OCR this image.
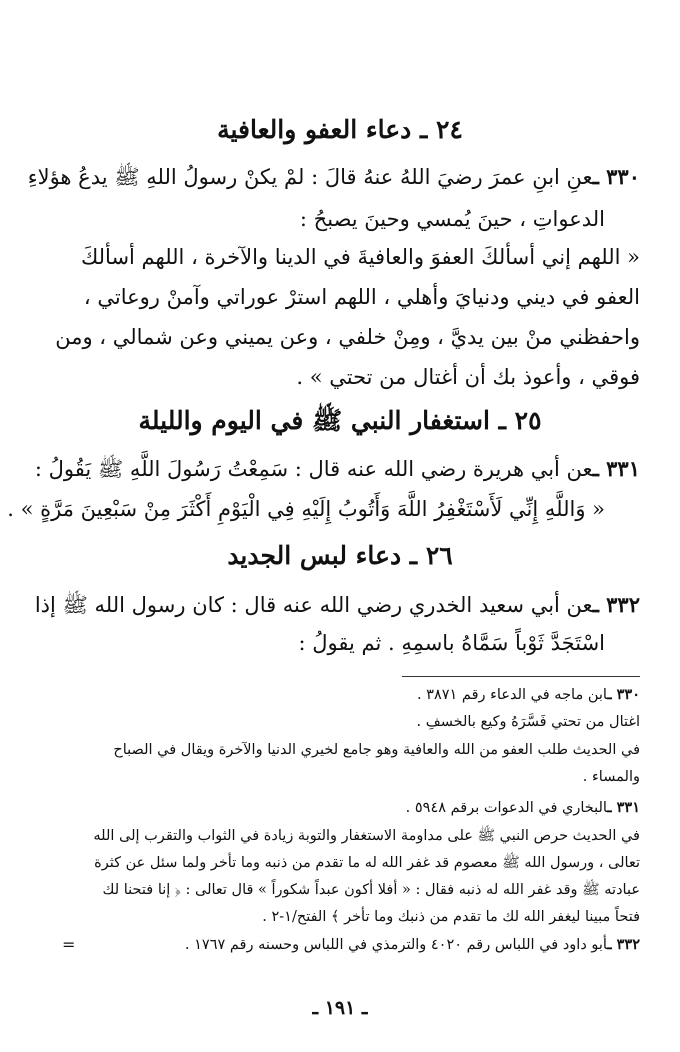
٢٤ ـ دعاء العفو والعافية
٣٣٠ ـعنِ ابنِ عمرَ رضيَ اللهُ عنهُ قالَ : لمْ يكنْ رسولُ اللهِ ﷺ يدعُ هؤلاءِ
الدعواتِ ، حينَ يُمسي وحينَ يصبحُ :
« اللهم إني أسألكَ العفوَ والعافيةَ في الدينا والآخرة ، اللهم أسألكَ
العفو في ديني ودنيايَ وأهلي ، اللهم استرْ عوراتي وآمنْ روعاتي ،
واحفظني منْ بين يديَّ ، ومِنْ خلفي ، وعن يميني وعن شمالي ، ومن
فوقي ، وأعوذ بك أن أغتال من تحتي » .
٢٥ ـ استغفار النبي ﷺ في اليوم والليلة
٣٣١ ـعن أبي هريرة رضي الله عنه قال : سَمِعْتُ رَسُولَ اللَّهِ ﷺ يَقُولُ :
« وَاللَّهِ إِنِّي لَأَسْتَغْفِرُ اللَّهَ وَأَتُوبُ إِلَيْهِ فِي الْيَوْمِ أَكْثَرَ مِنْ سَبْعِينَ مَرَّةٍ » .
٢٦ ـ دعاء لبس الجديد
٣٣٢ ـعن أبي سعيد الخدري رضي الله عنه قال : كان رسول الله ﷺ إذا
اسْتَجَدَّ ثَوْباً سَمَّاهُ باسمِهِ . ثم يقولُ :
٣٣٠ ـابن ماجه في الدعاء رقم ٣٨٧١ .
اغتال من تحتي فَسَّرَهُ وكيع بالخسفِ .
في الحديث طلب العفو من الله والعافية وهو جامع لخيري الدنيا والآخرة ويقال في الصباح
والمساء .
٣٣١ ـالبخاري في الدعوات برقم ٥٩٤٨ .
في الحديث حرص النبي ﷺ على مداومة الاستغفار والتوبة زيادة في الثواب والتقرب إلى الله
تعالى ، ورسول الله ﷺ معصوم قد غفر الله له ما تقدم من ذنبه وما تأخر ولما سئل عن كثرة
عبادته ﷺ وقد غفر الله له ذنبه فقال : « أفلا أكون عبداً شكوراً » قال تعالى : ﴿ إنا فتحنا لك
فتحاً مبينا ليغفر الله لك ما تقدم من ذنبك وما تأخر ﴾ الفتح/١-٢ .
٣٣٢ ـأبو داود في اللباس رقم ٤٠٢٠ والترمذي في اللباس وحسنه رقم ١٧٦٧ .
=
ـ ١٩١ ـ
